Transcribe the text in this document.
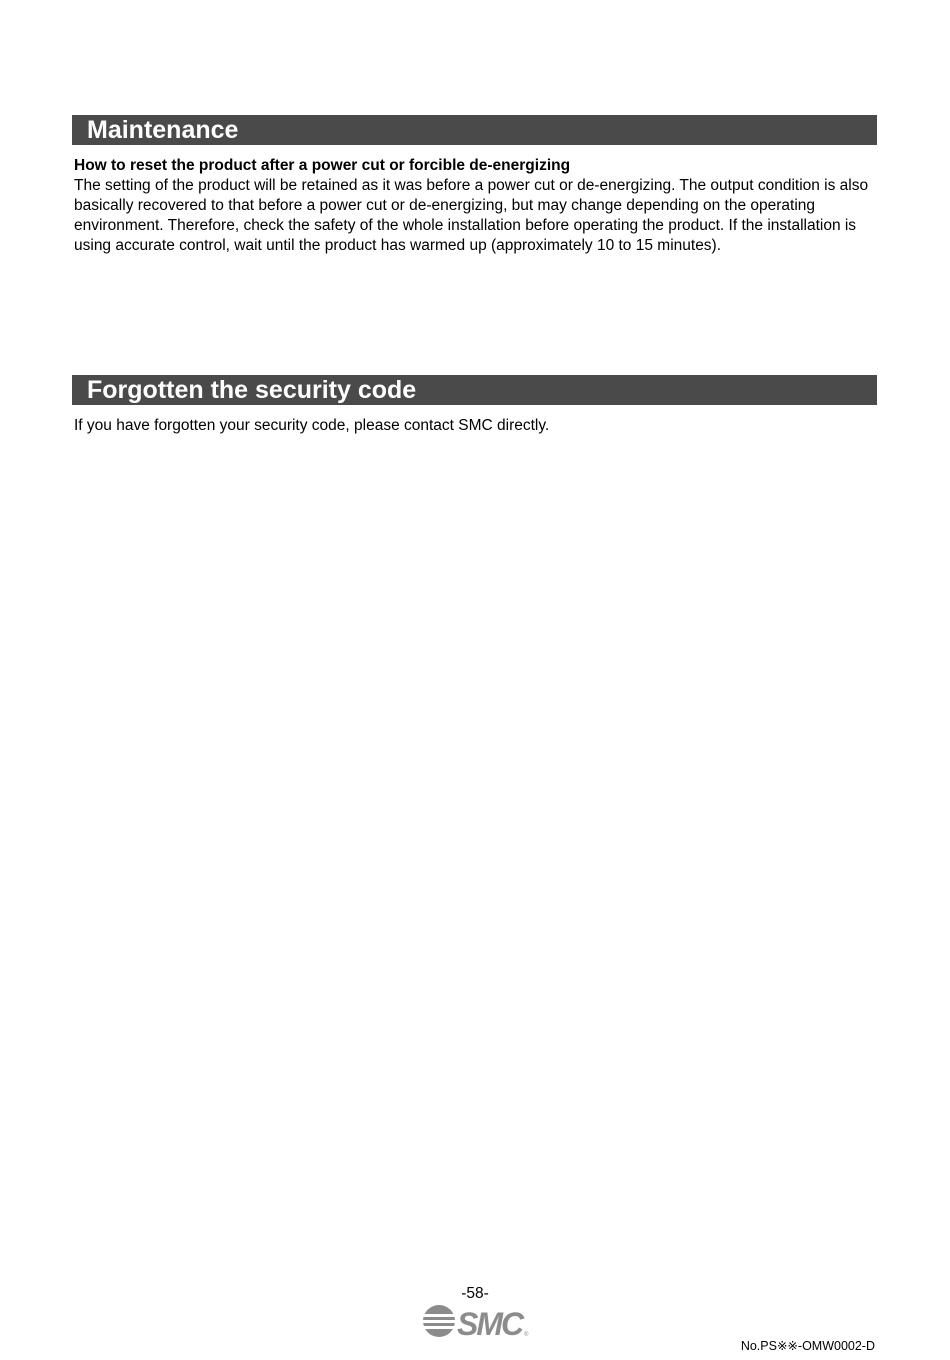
Maintenance

How to reset the product after a power cut or forcible de-energizing

The setting of the product will be retained as it was before a power cut or de-energizing. The output condition is also basically recovered to that before a power cut or de-energizing, but may change depending on the operating environment. Therefore, check the safety of the whole installation before operating the product. If the installation is using accurate control, wait until the product has warmed up (approximately 10 to 15 minutes).

Forgotten the security code

If you have forgotten your security code, please contact SMC directly.

-58-
SMC ®
No.PS※※-OMW0002-D
